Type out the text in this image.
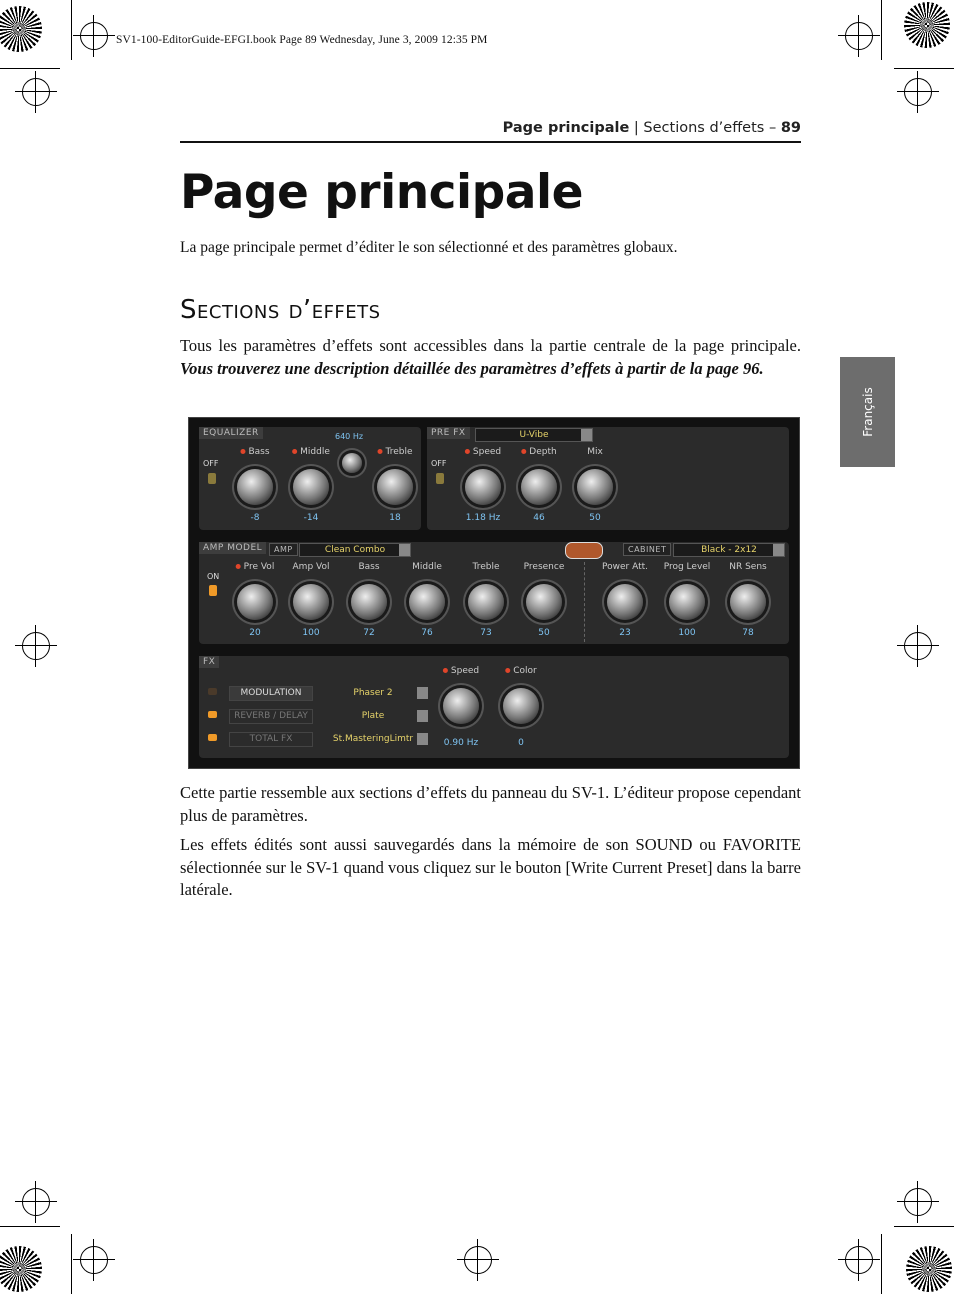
SV1-100-EditorGuide-EFGI.book Page 89 Wednesday, June 3, 2009 12:35 PM
Page principale | Sections d’effets – 89
Français
Page principale
La page principale permet d’éditer le son sélectionné et des paramètres globaux.
Sections d’effets
Tous les paramètres d’effets sont accessibles dans la partie centrale de la page principale. Vous trouverez une description détaillée des paramètres d’effets à partir de la page 96.
EQUALIZER
OFF
640 Hz
Bass
-8
Middle
-14
Treble
18
PRE FX	U-Vibe
OFF
Speed
1.18 Hz
Depth
46
Mix
50
AMP MODEL	AMP	Clean Combo	CABINET	Black - 2x12
ON
Pre Vol
20
Amp Vol
100
Bass
72
Middle
76
Treble
73
Presence
50
Power Att.
23
Prog Level
100
NR Sens
78
FX
MODULATION	Phaser 2
REVERB / DELAY	Plate
TOTAL FX	St.MasteringLimtr
Speed
0.90 Hz
Color
0
Cette partie ressemble aux sections d’effets du panneau du SV-1. L’éditeur propose cependant plus de paramètres.
Les effets édités sont aussi sauvegardés dans la mémoire de son SOUND ou FAVORITE sélectionnée sur le SV-1 quand vous cliquez sur le bouton [Write Current Preset] dans la barre latérale.
